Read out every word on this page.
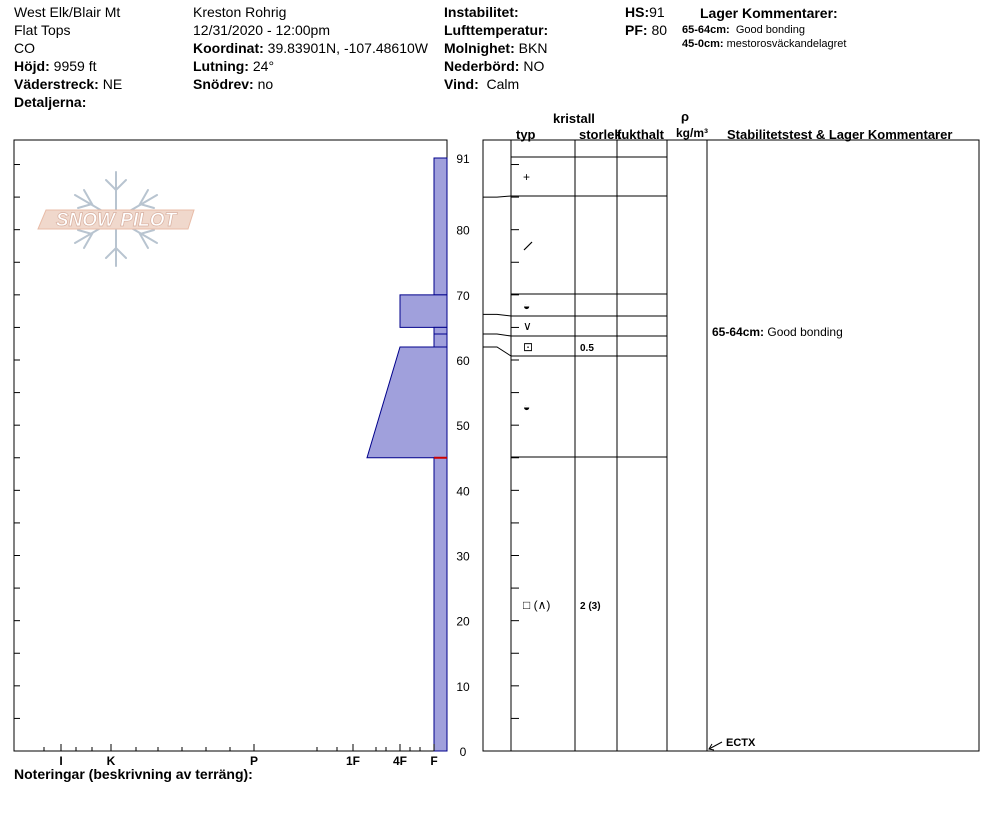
West Elk/Blair Mt
Flat Tops
CO
Höjd: 9959 ft
Väderstreck: NE
Detaljerna:
Kreston Rohrig
12/31/2020 - 12:00pm
Koordinat: 39.83901N, -107.48610W
Lutning: 24°
Snödrev: no
Instabilitet:
Lufttemperatur:
Molnighet: BKN
Nederbörd: NO
Vind: Calm
HS:91
PF: 80
Lager Kommentarer:
65-64cm: Good bonding
45-0cm: mestorosväckandelagret
kristall
typ	storlek
fukthalt
ρ
kg/m³ Stabilitetstest & Lager Kommentarer
Noteringar (beskrivning av terräng):
SNOW PILOT
I	K	P	1F	4F F
0
10
20
30
40
50
60
70
80
91
+
◒
∨
⊡	0.5
◒
□ (∧)	2 (3)
65-64cm: Good bonding
ECTX
